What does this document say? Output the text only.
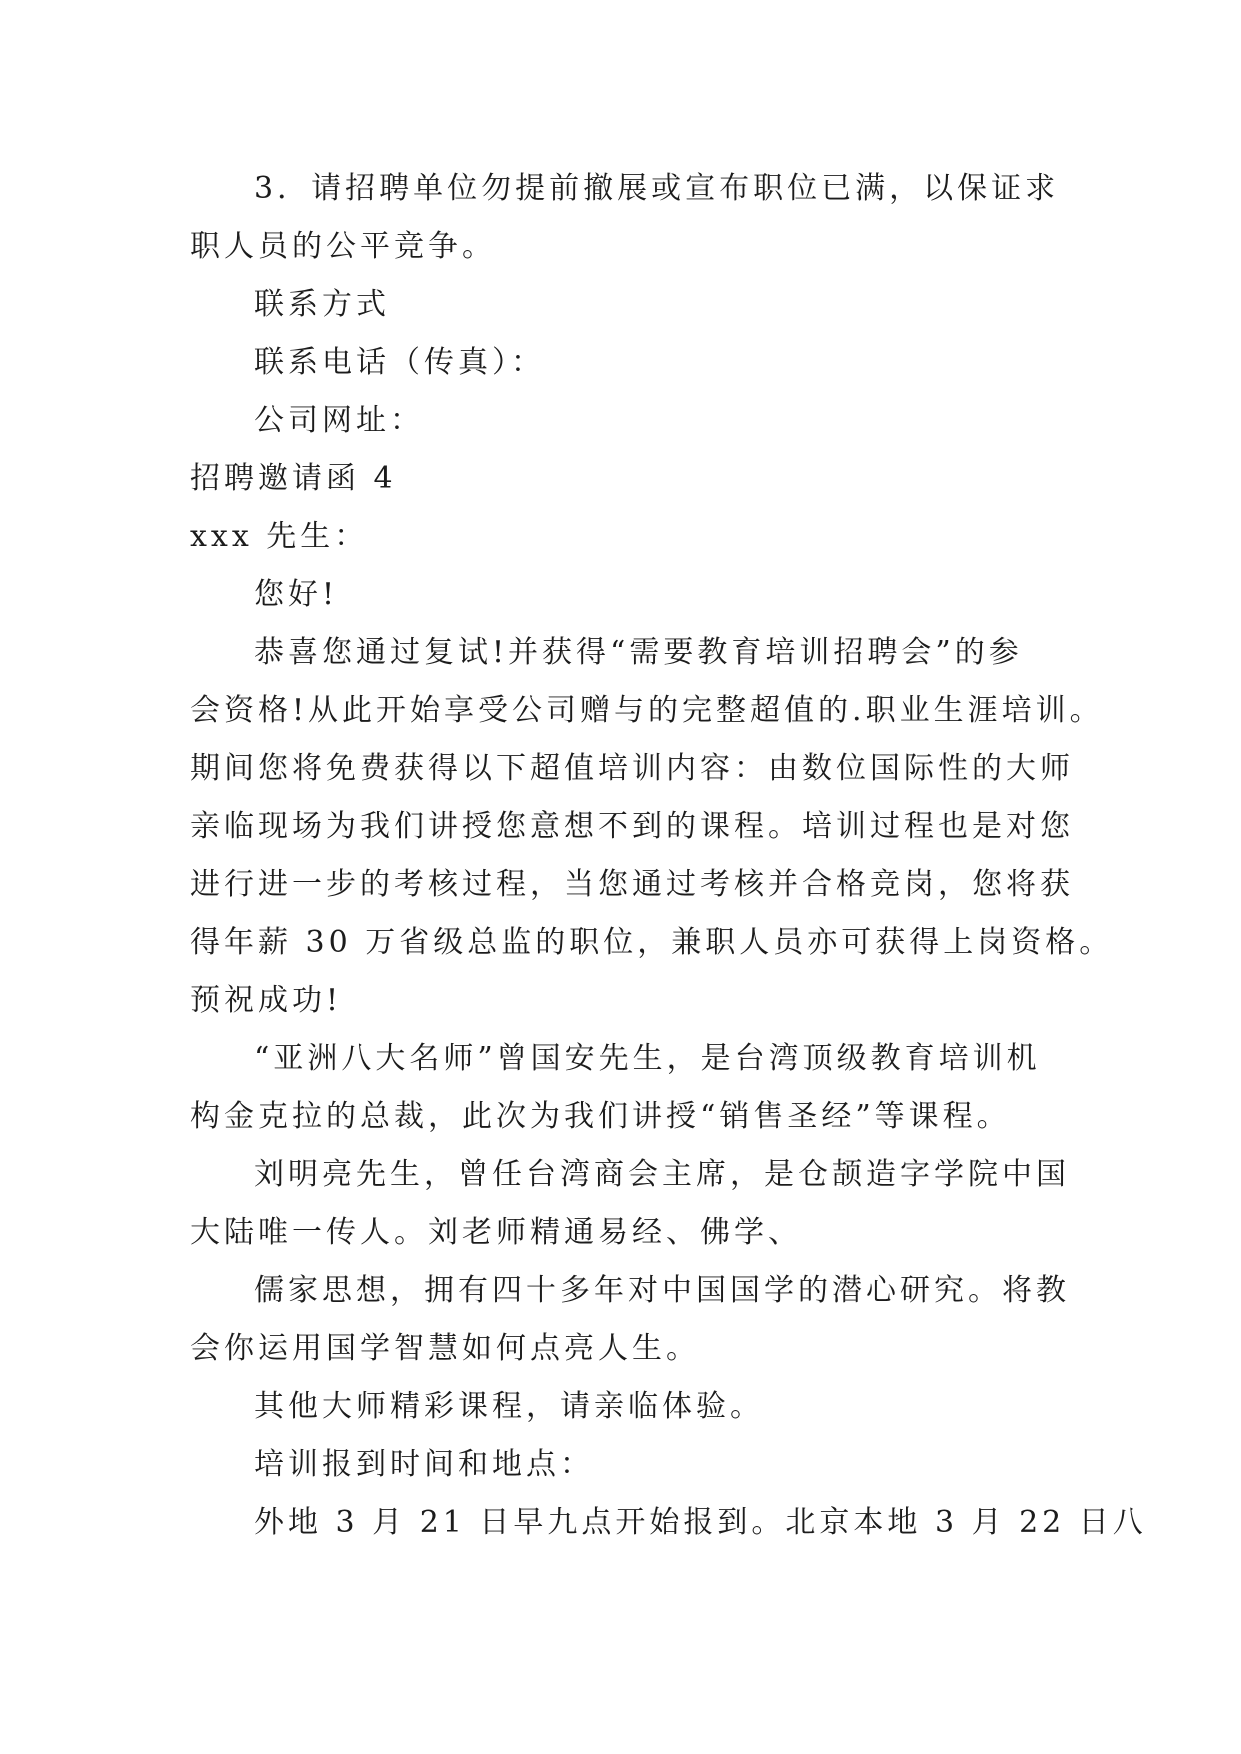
3．请招聘单位勿提前撤展或宣布职位已满，以保证求

职人员的公平竞争。

联系方式

联系电话（传真）：

公司网址：

招聘邀请函 4

xxx 先生：

您好!

恭喜您通过复试!并获得“需要教育培训招聘会”的参

会资格!从此开始享受公司赠与的完整超值的.职业生涯培训。

期间您将免费获得以下超值培训内容：由数位国际性的大师

亲临现场为我们讲授您意想不到的课程。培训过程也是对您

进行进一步的考核过程，当您通过考核并合格竞岗，您将获

得年薪 30 万省级总监的职位，兼职人员亦可获得上岗资格。

预祝成功!

“亚洲八大名师”曾国安先生，是台湾顶级教育培训机

构金克拉的总裁，此次为我们讲授“销售圣经”等课程。

刘明亮先生，曾任台湾商会主席，是仓颉造字学院中国

大陆唯一传人。刘老师精通易经、佛学、

儒家思想，拥有四十多年对中国国学的潜心研究。将教

会你运用国学智慧如何点亮人生。

其他大师精彩课程，请亲临体验。

培训报到时间和地点：

外地 3 月 21 日早九点开始报到。北京本地 3 月 22 日八
